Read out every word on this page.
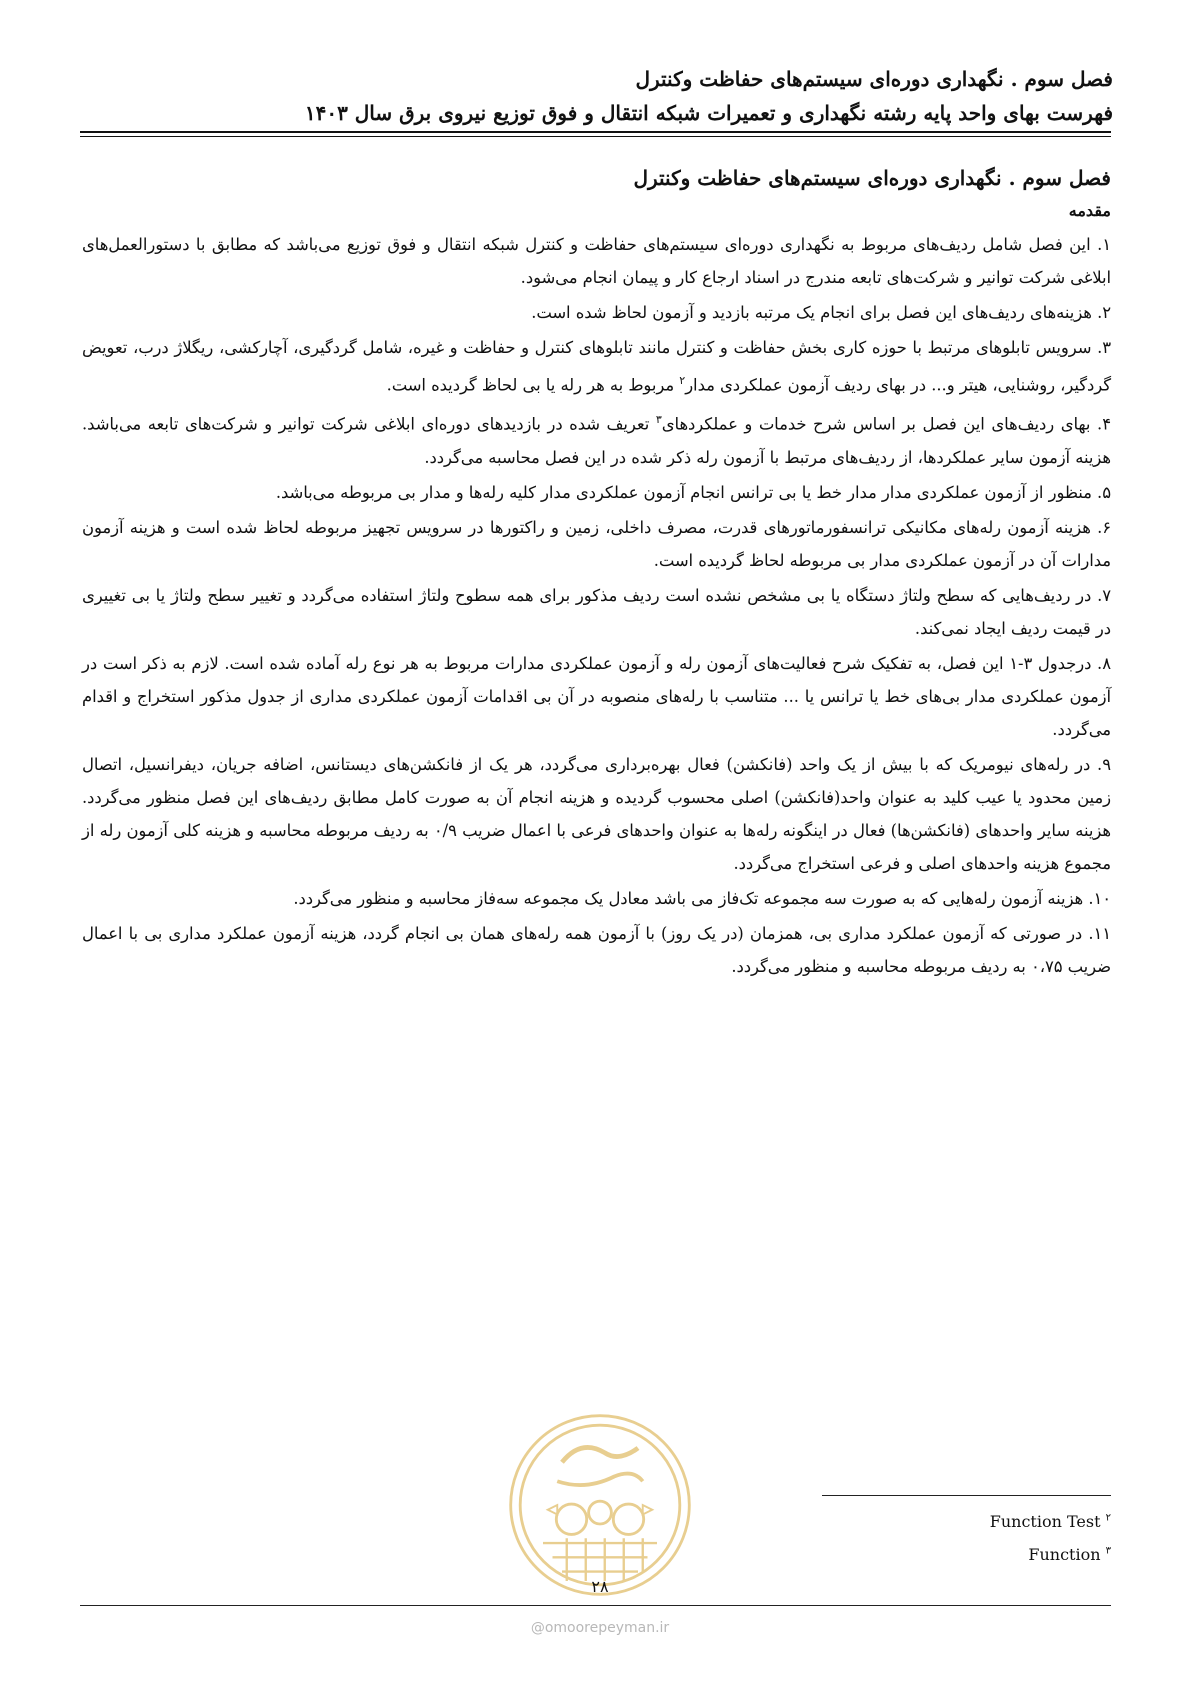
فصل سوم . نگهداری دوره‌ای سیستم‌های حفاظت وکنترل
فهرست بهای واحد پایه رشته نگهداری و تعمیرات شبکه انتقال و فوق توزیع نیروی برق سال ۱۴۰۳

فصل سوم . نگهداری دوره‌ای سیستم‌های حفاظت وکنترل

مقدمه

۱. این فصل شامل ردیف‌های مربوط به نگهداری دوره‌ای سیستم‌های حفاظت و کنترل شبکه انتقال و فوق توزیع می‌باشد که مطابق با دستورالعمل‌های ابلاغی شرکت توانیر و شرکت‌های تابعه مندرج در اسناد ارجاع کار و پیمان انجام می‌شود.

۲. هزینه‌های ردیف‌های این فصل برای انجام یک مرتبه بازدید و آزمون لحاظ شده است.

۳. سرویس تابلوهای مرتبط با حوزه کاری بخش حفاظت و کنترل مانند تابلوهای کنترل و حفاظت و غیره، شامل گردگیری، آچارکشی، ریگلاژ درب، تعویض گردگیر، روشنایی، هیتر و... در بهای ردیف آزمون عملکردی مدار$^۲$ مربوط به هر رله یا بی لحاظ گردیده است.

۴. بهای ردیف‌های این فصل بر اساس شرح خدمات و عملکردهای$^۳$ تعریف شده در بازدیدهای دوره‌ای ابلاغی شرکت توانیر و شرکت‌های تابعه می‌باشد. هزینه آزمون سایر عملکردها، از ردیف‌های مرتبط با آزمون رله ذکر شده در این فصل محاسبه می‌گردد.

۵. منظور از آزمون عملکردی مدار مدار خط یا بی ترانس انجام آزمون عملکردی مدار کلیه رله‌ها و مدار بی مربوطه می‌باشد.

۶. هزینه آزمون رله‌های مکانیکی ترانسفورماتورهای قدرت، مصرف داخلی، زمین و راکتورها در سرویس تجهیز مربوطه لحاظ شده است و هزینه آزمون مدارات آن در آزمون عملکردی مدار بی مربوطه لحاظ گردیده است.

۷. در ردیف‌هایی که سطح ولتاژ دستگاه یا بی مشخص نشده است ردیف مذکور برای همه سطوح ولتاژ استفاده می‌گردد و تغییر سطح ولتاژ یا بی تغییری در قیمت ردیف ایجاد نمی‌کند.

۸. درجدول ۳-۱ این فصل، به تفکیک شرح فعالیت‌های آزمون رله و آزمون عملکردی مدارات مربوط به هر نوع رله آماده شده است. لازم به ذکر است در آزمون عملکردی مدار بی‌های خط یا ترانس یا ... متناسب با رله‌های منصوبه در آن بی اقدامات آزمون عملکردی مداری از جدول مذکور استخراج و اقدام می‌گردد.

۹. در رله‌های نیومریک که با بیش از یک واحد (فانکشن) فعال بهره‌برداری می‌گردد، هر یک از فانکشن‌های دیستانس، اضافه جریان، دیفرانسیل، اتصال زمین محدود یا عیب کلید به عنوان واحد(فانکشن) اصلی محسوب گردیده و هزینه انجام آن به صورت کامل مطابق ردیف‌های این فصل منظور می‌گردد. هزینه سایر واحدهای (فانکشن‌ها) فعال در اینگونه رله‌ها به عنوان واحدهای فرعی با اعمال ضریب ۰/۹ به ردیف مربوطه محاسبه و هزینه کلی آزمون رله از مجموع هزینه واحدهای اصلی و فرعی استخراج می‌گردد.

۱۰. هزینه آزمون رله‌هایی که به صورت سه مجموعه تک‌فاز می باشد معادل یک مجموعه سه‌فاز محاسبه و منظور می‌گردد.

۱۱. در صورتی که آزمون عملکرد مداری بی، همزمان (در یک روز) با آزمون همه رله‌های همان بی انجام گردد، هزینه آزمون عملکرد مداری بی با اعمال ضریب ۰،۷۵ به ردیف مربوطه محاسبه و منظور می‌گردد.

Function Test $^۲$
Function $^۳$
۲۸
@omoorepeyman.ir
